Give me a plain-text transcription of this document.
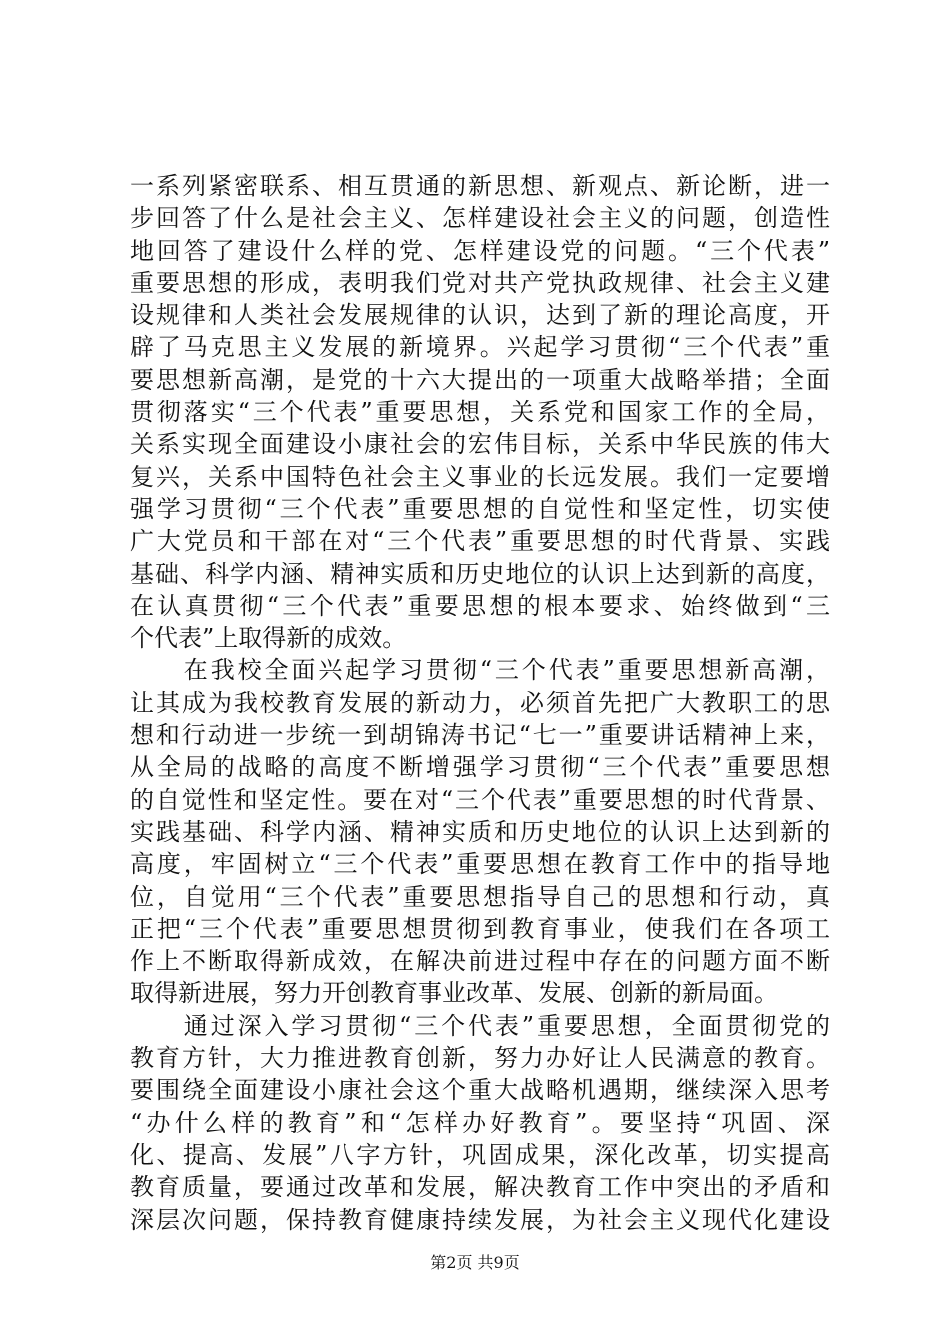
一系列紧密联系、相互贯通的新思想、新观点、新论断，进一
步回答了什么是社会主义、怎样建设社会主义的问题，创造性
地回答了建设什么样的党、怎样建设党的问题。“三个代表”
重要思想的形成，表明我们党对共产党执政规律、社会主义建
设规律和人类社会发展规律的认识，达到了新的理论高度，开
辟了马克思主义发展的新境界。兴起学习贯彻“三个代表”重
要思想新高潮，是党的十六大提出的一项重大战略举措；全面
贯彻落实“三个代表”重要思想，关系党和国家工作的全局，
关系实现全面建设小康社会的宏伟目标，关系中华民族的伟大
复兴，关系中国特色社会主义事业的长远发展。我们一定要增
强学习贯彻“三个代表”重要思想的自觉性和坚定性，切实使
广大党员和干部在对“三个代表”重要思想的时代背景、实践
基础、科学内涵、精神实质和历史地位的认识上达到新的高度，
在认真贯彻“三个代表”重要思想的根本要求、始终做到“三
个代表”上取得新的成效。
　　在我校全面兴起学习贯彻“三个代表”重要思想新高潮，
让其成为我校教育发展的新动力，必须首先把广大教职工的思
想和行动进一步统一到胡锦涛书记“七一”重要讲话精神上来，
从全局的战略的高度不断增强学习贯彻“三个代表”重要思想
的自觉性和坚定性。要在对“三个代表”重要思想的时代背景、
实践基础、科学内涵、精神实质和历史地位的认识上达到新的
高度，牢固树立“三个代表”重要思想在教育工作中的指导地
位，自觉用“三个代表”重要思想指导自己的思想和行动，真
正把“三个代表”重要思想贯彻到教育事业，使我们在各项工
作上不断取得新成效，在解决前进过程中存在的问题方面不断
取得新进展，努力开创教育事业改革、发展、创新的新局面。
　　通过深入学习贯彻“三个代表”重要思想，全面贯彻党的
教育方针，大力推进教育创新，努力办好让人民满意的教育。
要围绕全面建设小康社会这个重大战略机遇期，继续深入思考
“办什么样的教育”和“怎样办好教育”。要坚持“巩固、深
化、提高、发展”八字方针，巩固成果，深化改革，切实提高
教育质量，要通过改革和发展，解决教育工作中突出的矛盾和
深层次问题，保持教育健康持续发展，为社会主义现代化建设
第2页 共9页
